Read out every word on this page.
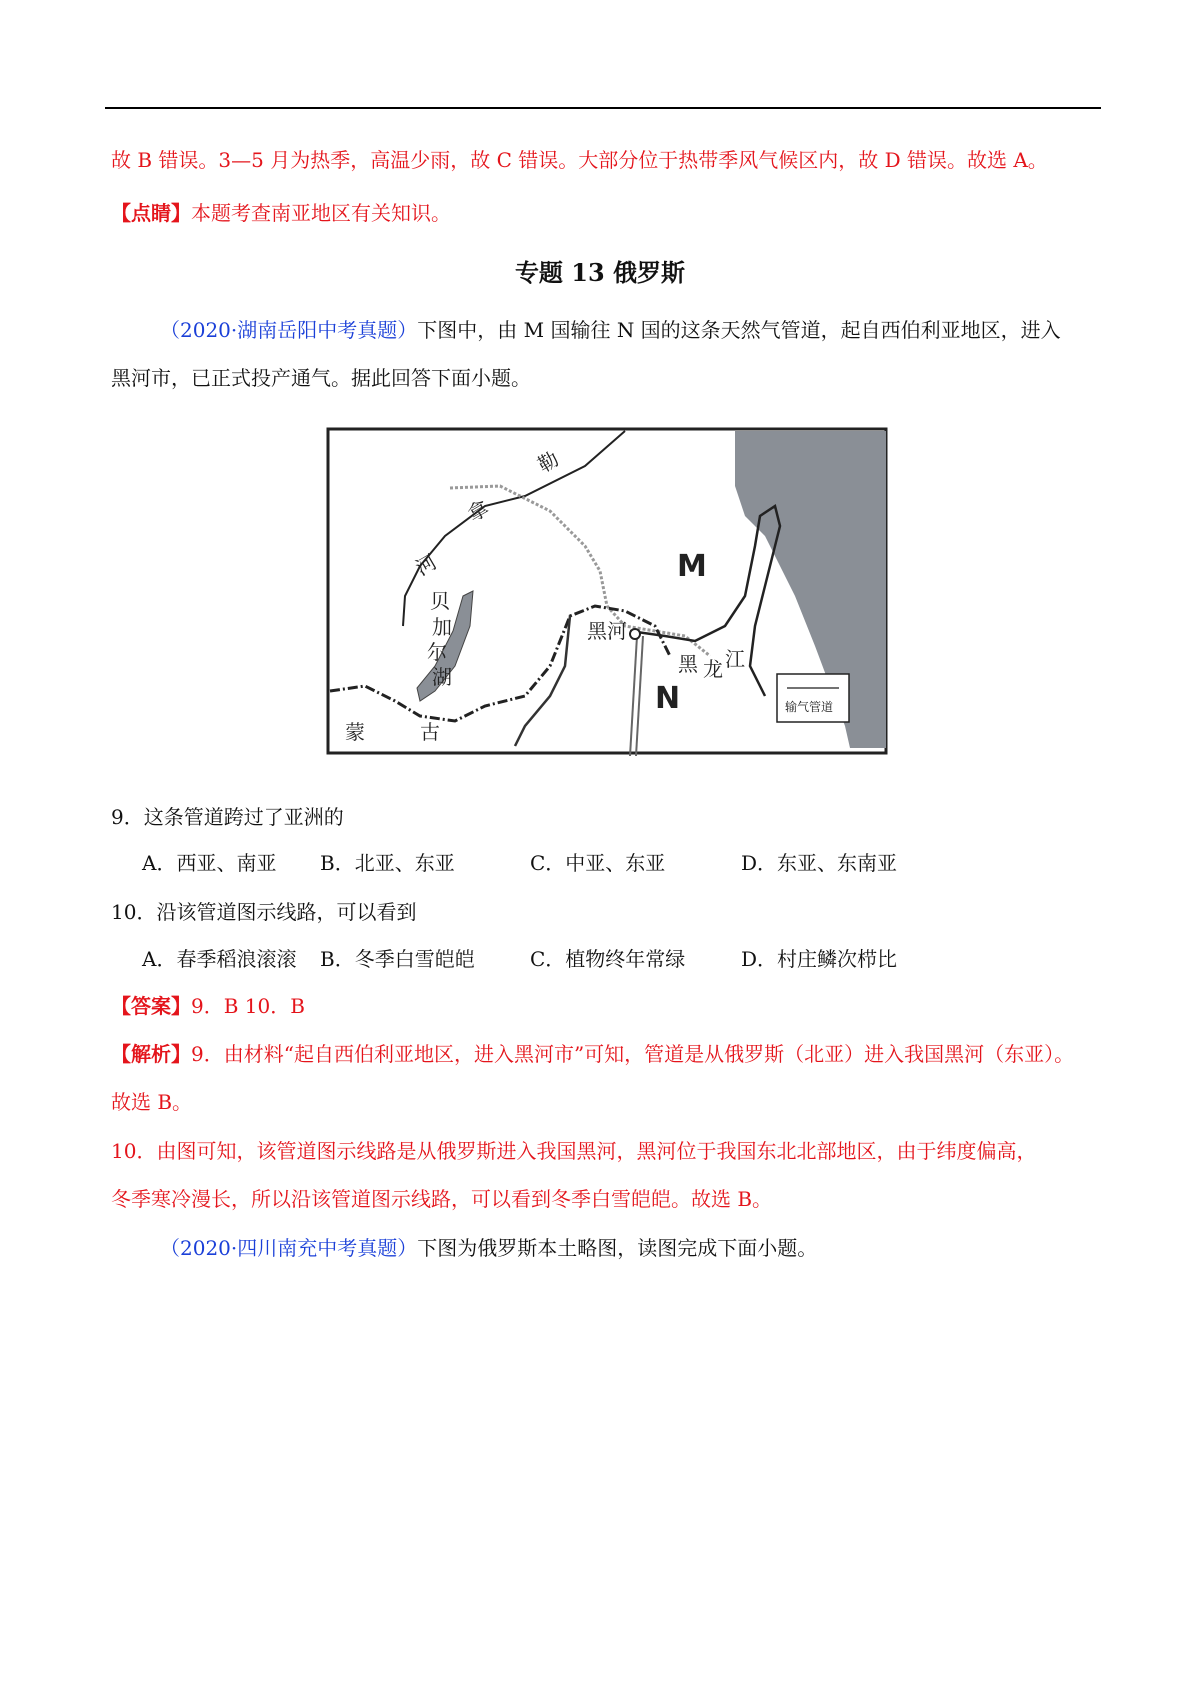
故 B 错误。3—5 月为热季，高温少雨，故 C 错误。大部分位于热带季风气候区内，故 D 错误。故选 A。
【点睛】本题考查南亚地区有关知识。
专题 13 俄罗斯
（2020·湖南岳阳中考真题）下图中，由 M 国输往 N 国的这条天然气管道，起自西伯利亚地区，进入
黑河市，已正式投产通气。据此回答下面小题。
勒
拿
河
贝
加
尔
湖
蒙	古
黑河
黑 龙 江
M
N	输气管道
9．这条管道跨过了亚洲的
A．西亚、南亚 B．北亚、东亚	C．中亚、东亚	D．东亚、东南亚
10．沿该管道图示线路，可以看到
A．春季稻浪滚滚 B．冬季白雪皑皑	C．植物终年常绿	D．村庄鳞次栉比
【答案】9．B 10．B
【解析】9．由材料“起自西伯利亚地区，进入黑河市”可知，管道是从俄罗斯（北亚）进入我国黑河（东亚）。
故选 B。
10．由图可知，该管道图示线路是从俄罗斯进入我国黑河，黑河位于我国东北北部地区，由于纬度偏高，
冬季寒冷漫长，所以沿该管道图示线路，可以看到冬季白雪皑皑。故选 B。
（2020·四川南充中考真题）下图为俄罗斯本土略图，读图完成下面小题。
